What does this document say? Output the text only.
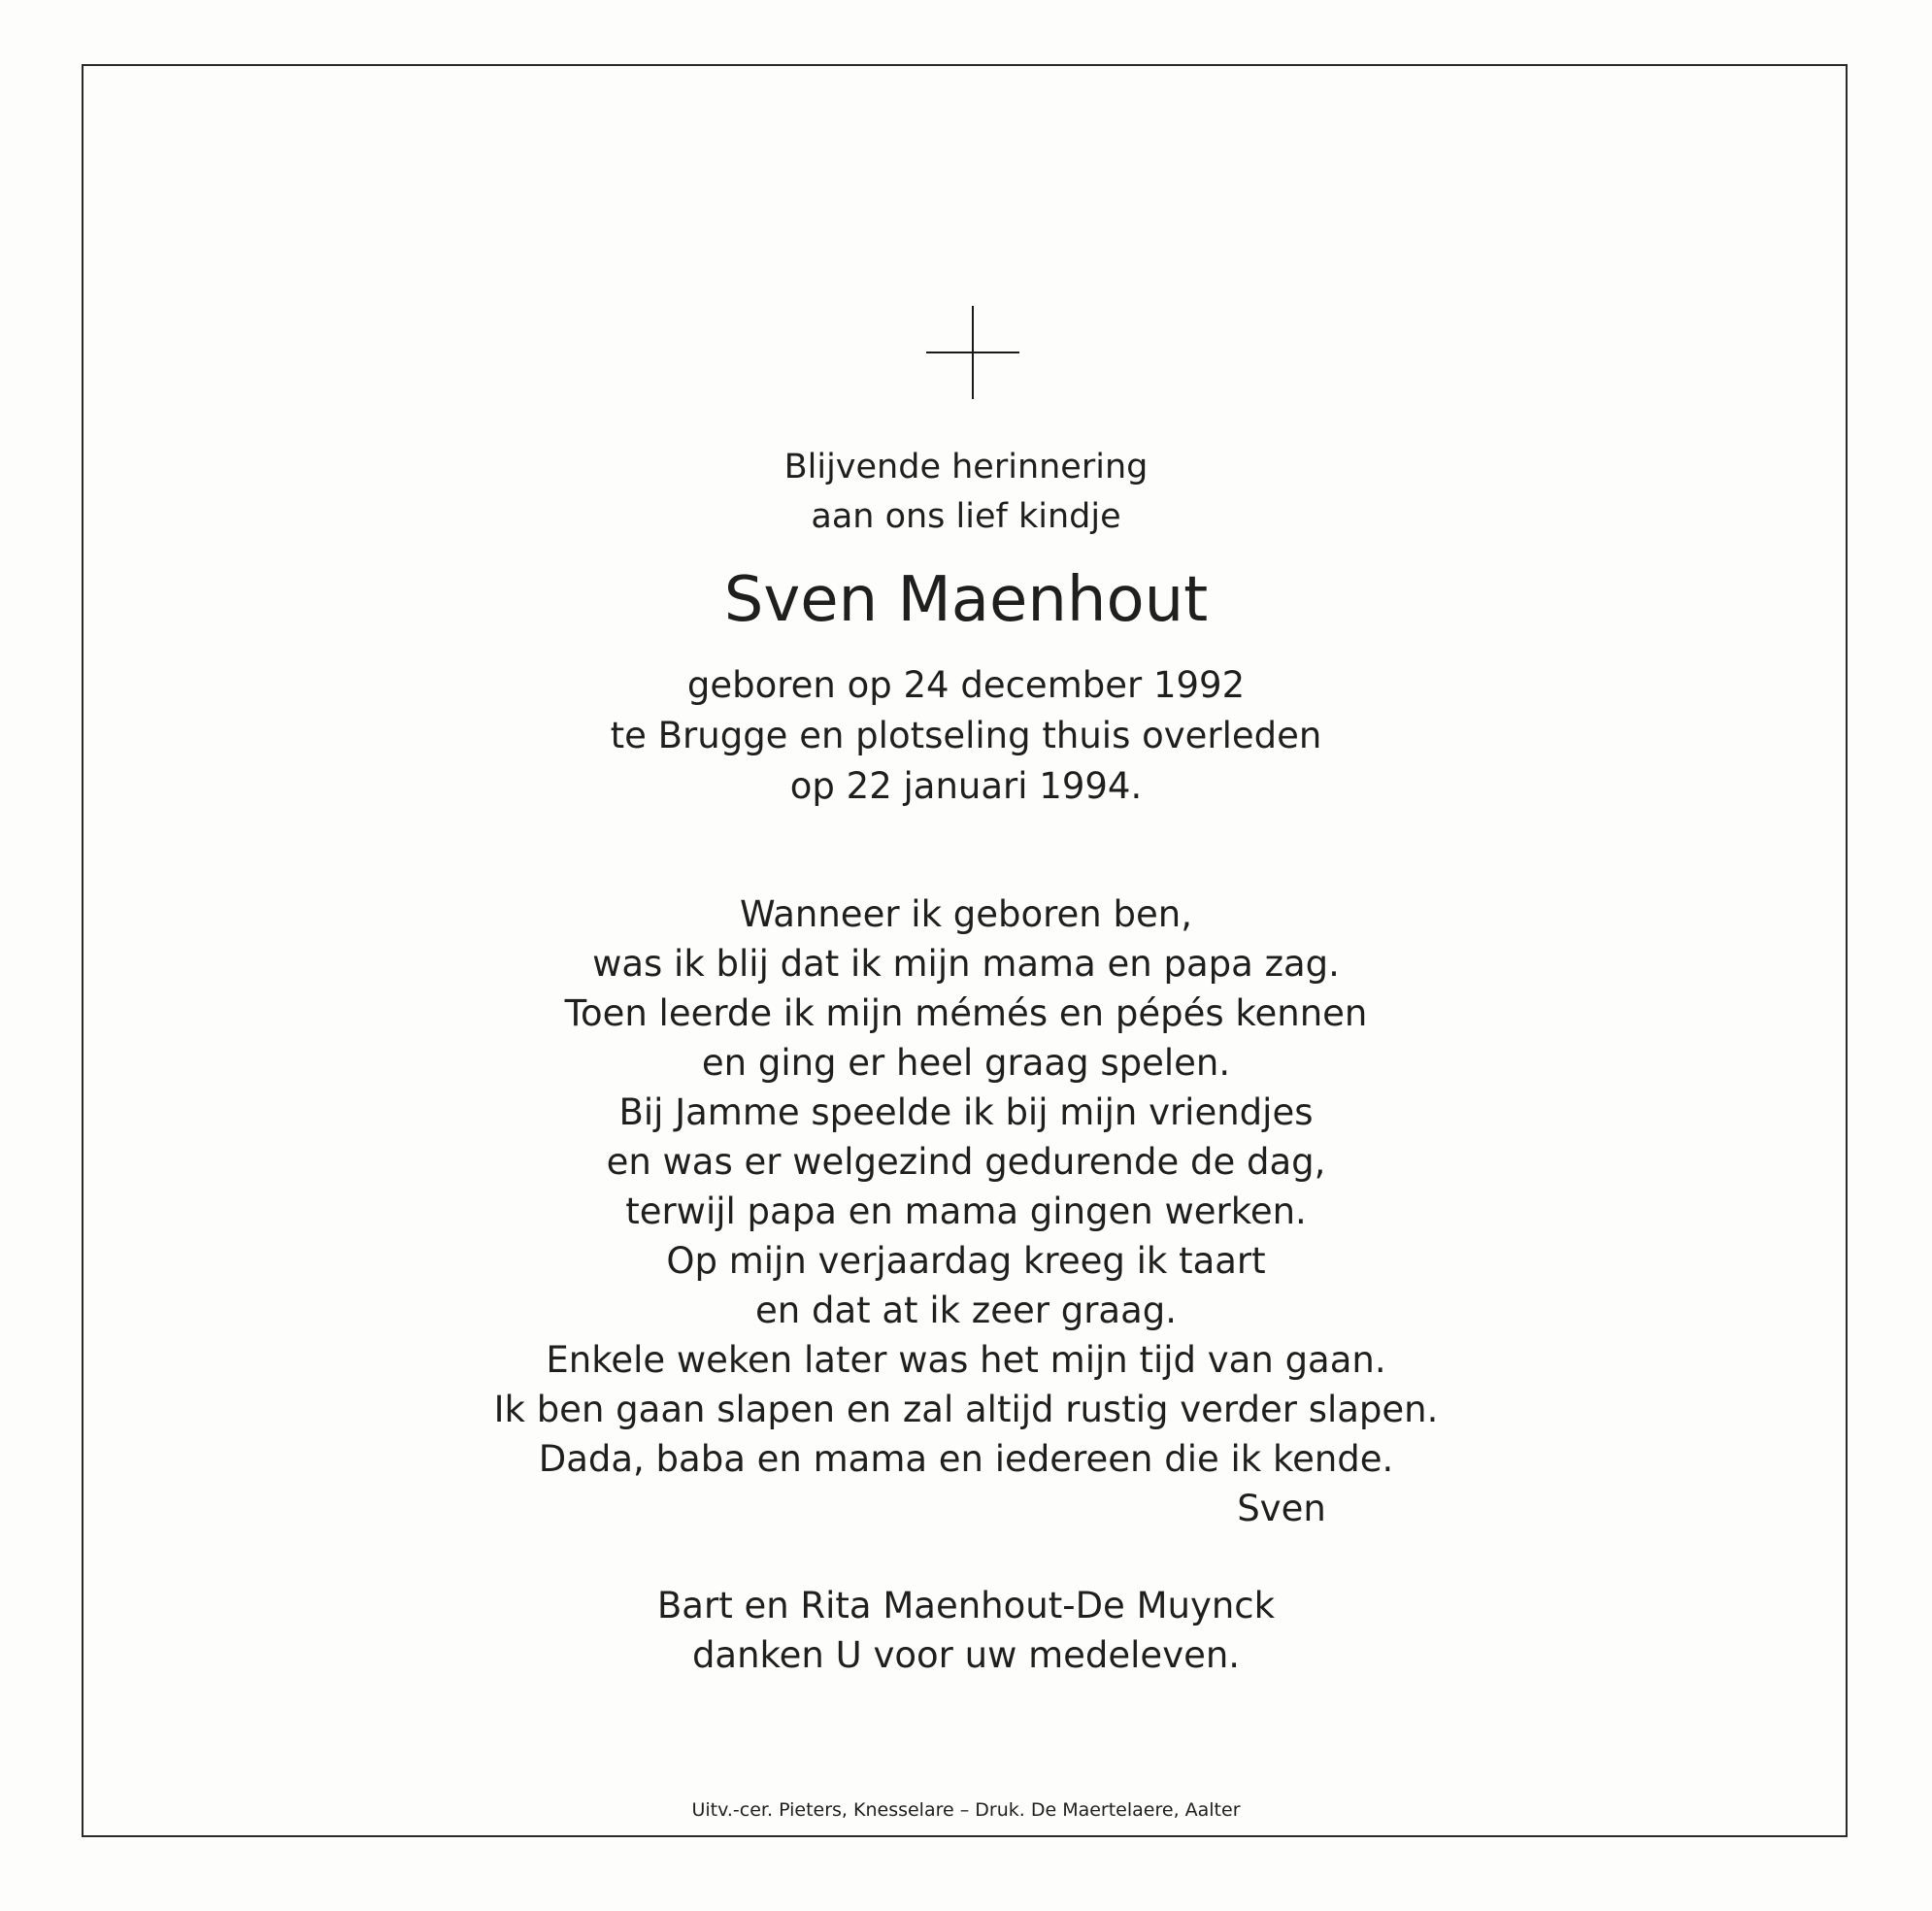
Blijvende herinnering
aan ons lief kindje
Sven Maenhout
geboren op 24 december 1992
te Brugge en plotseling thuis overleden
op 22 januari 1994.
Wanneer ik geboren ben,
was ik blij dat ik mijn mama en papa zag.
Toen leerde ik mijn mémés en pépés kennen
en ging er heel graag spelen.
Bij Jamme speelde ik bij mijn vriendjes
en was er welgezind gedurende de dag,
terwijl papa en mama gingen werken.
Op mijn verjaardag kreeg ik taart
en dat at ik zeer graag.
Enkele weken later was het mijn tijd van gaan.
Ik ben gaan slapen en zal altijd rustig verder slapen.
Dada, baba en mama en iedereen die ik kende.
Sven
Bart en Rita Maenhout-De Muynck
danken U voor uw medeleven.
Uitv.-cer. Pieters, Knesselare – Druk. De Maertelaere, Aalter
